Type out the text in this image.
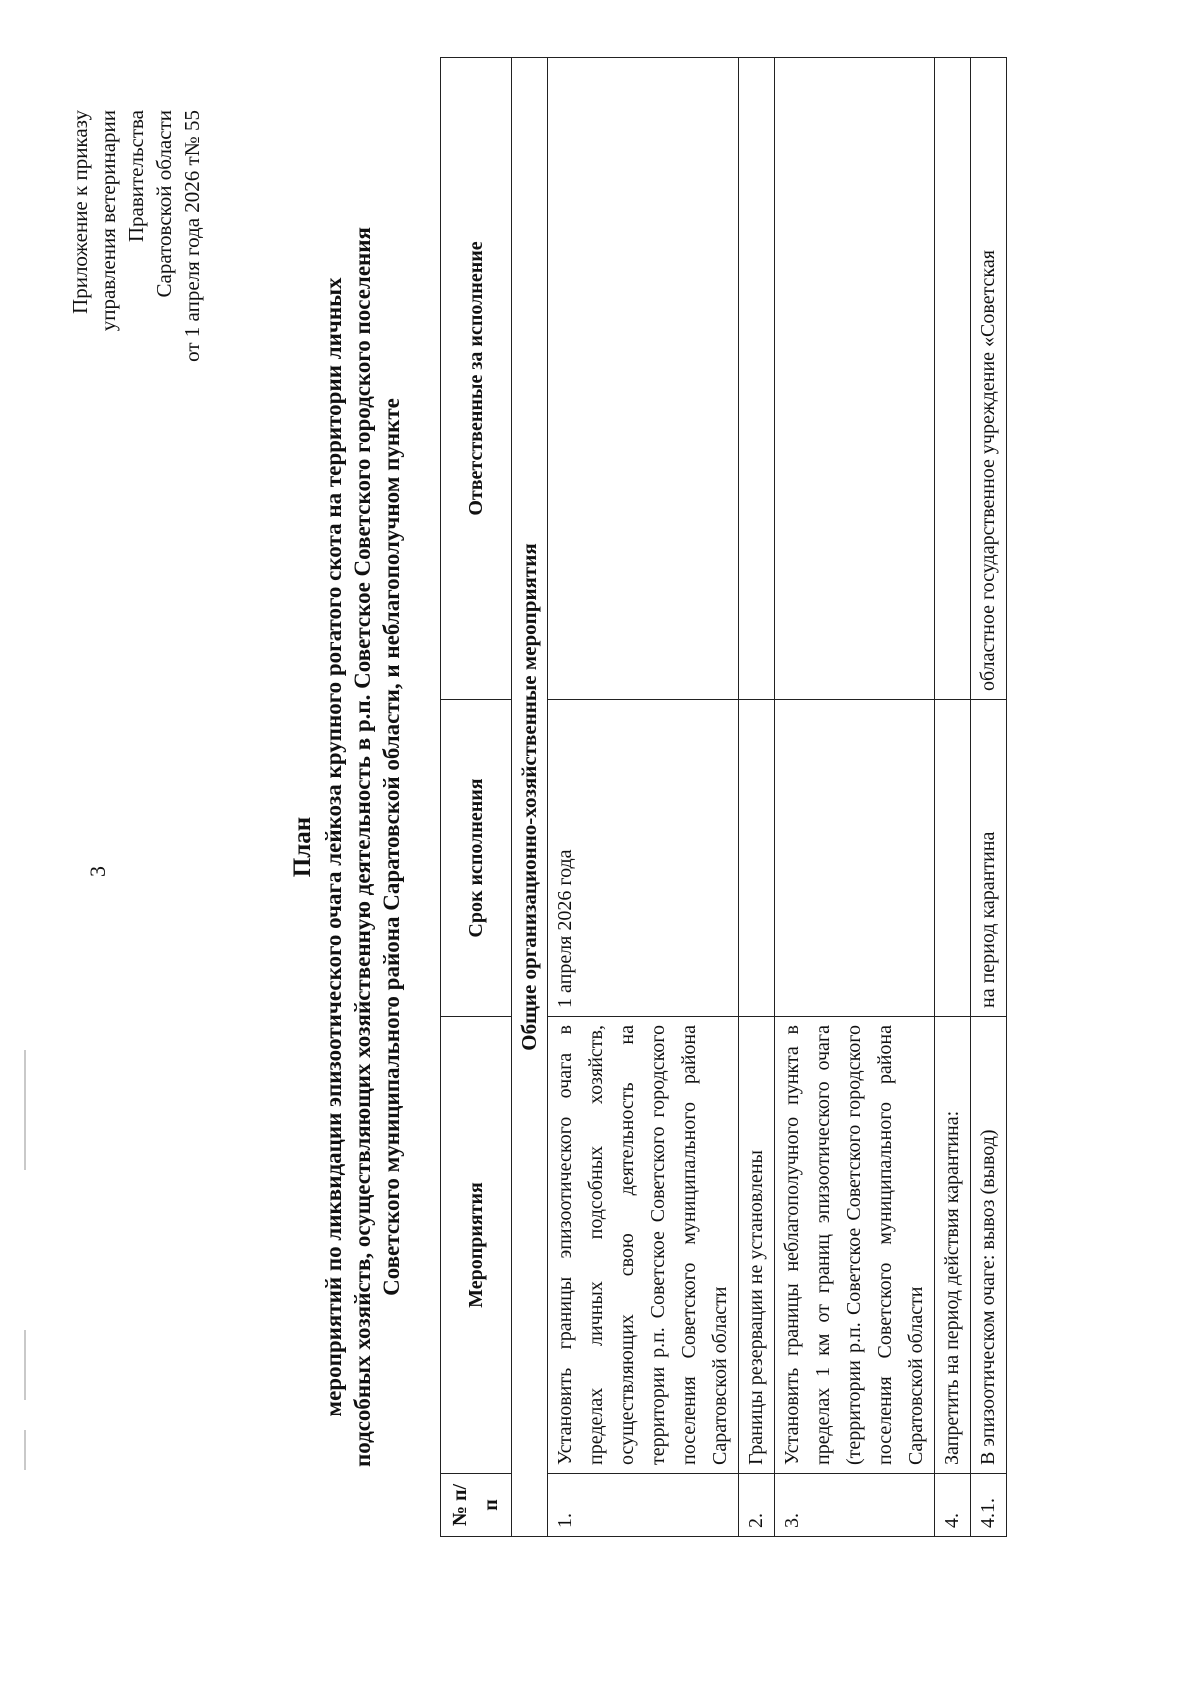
3
Приложение к приказу управления ветеринарии Правительства Саратовской области от 1 апреля года 2026 т№ 55
План мероприятий по ликвидации эпизоотического очага лейкоза крупного рогатого скота на территории личных подсобных хозяйств, осуществляющих хозяйственную деятельность в р.п. Советское Советского городского поселения Советского муниципального района Саратовской области, и неблагополучном пункте
№ п/п	Мероприятия	Срок исполнения	Ответственные за исполнение
Общие организационно-хозяйственные мероприятия			
1.	Установить границы эпизоотического очага в пределах личных подсобных хозяйств, осуществляющих свою деятельность на территории р.п. Советское Советского городского поселения Советского муниципального района Саратовской области	1 апреля 2026 года	
2.	Границы резервации не установлены		
3.	Установить границы неблагополучного пункта в пределах 1 км от границ эпизоотического очага (территории р.п. Советское Советского городского поселения Советского муниципального района Саратовской области		
4.	Запретить на период действия карантина:		
4.1.	В эпизоотическом очаге: вывоз (вывод)	на период карантина	областное государственное учреждение «Советская
